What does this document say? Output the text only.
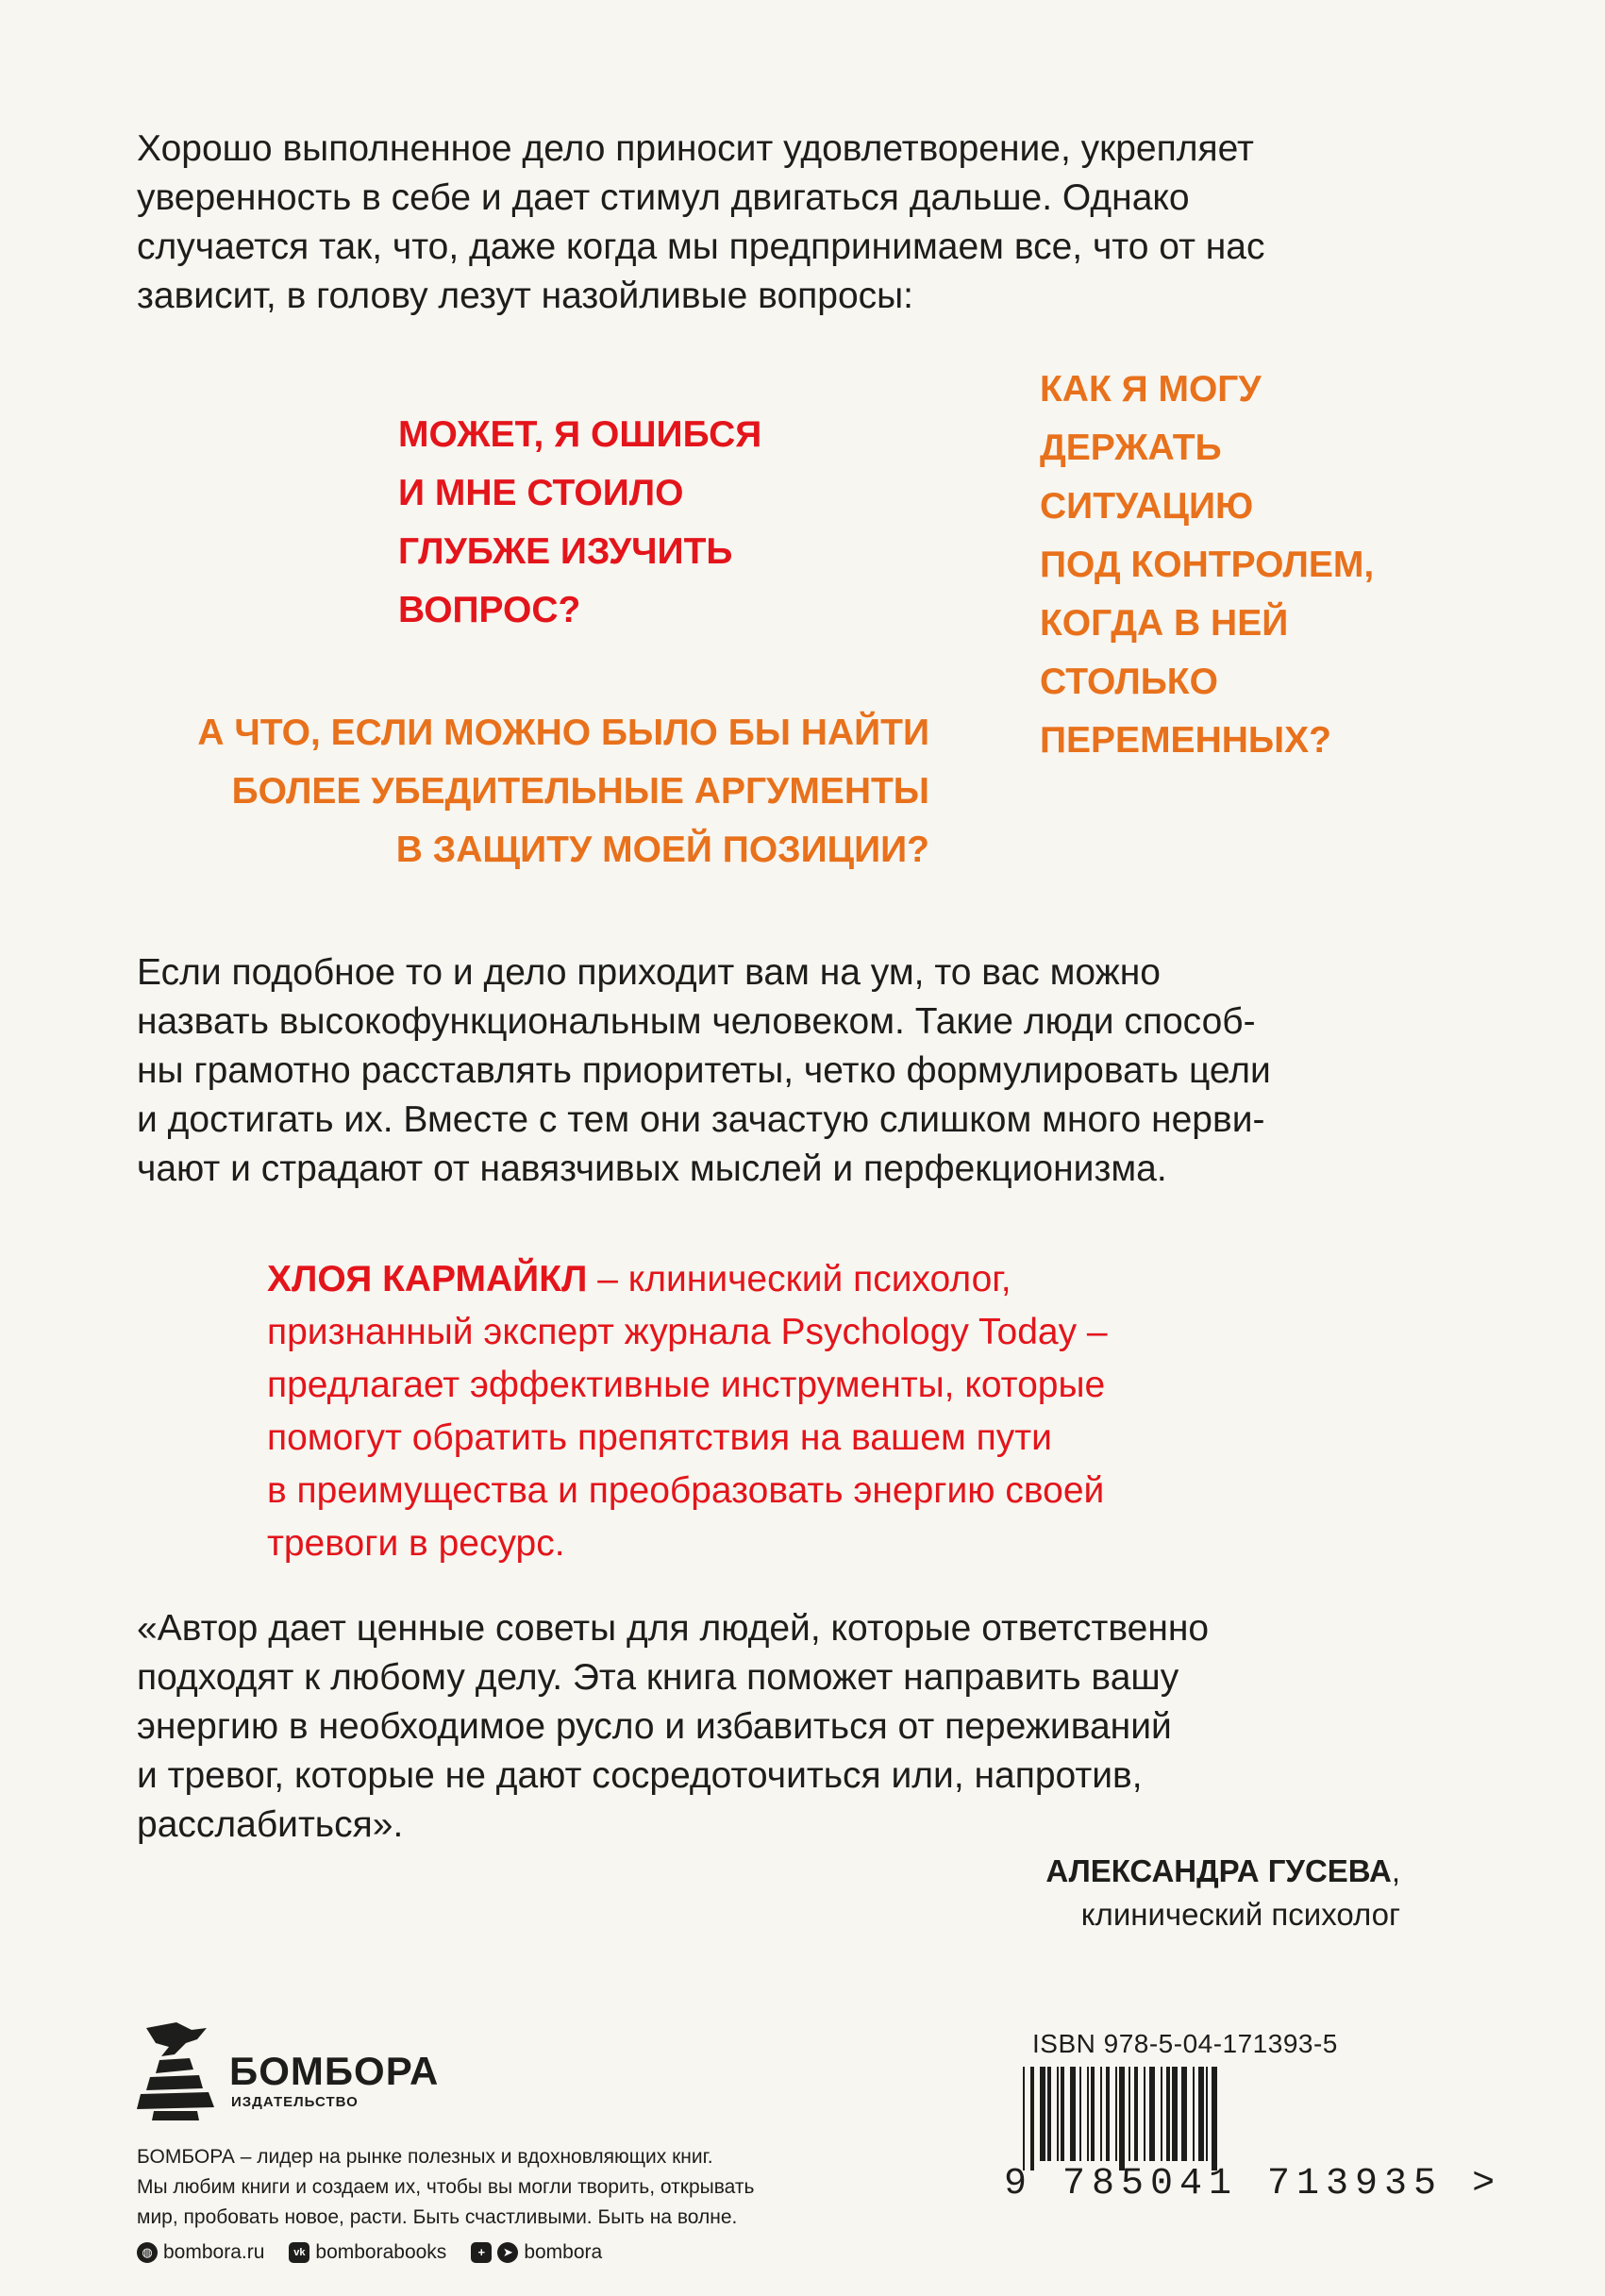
Хорошо выполненное дело приносит удовлетворение, укрепляет
уверенность в себе и дает стимул двигаться дальше. Однако
случается так, что, даже когда мы предпринимаем все, что от нас
зависит, в голову лезут назойливые вопросы:
МОЖЕТ, Я ОШИБСЯ
И МНЕ СТОИЛО
ГЛУБЖЕ ИЗУЧИТЬ
ВОПРОС?
КАК Я МОГУ
ДЕРЖАТЬ
СИТУАЦИЮ
ПОД КОНТРОЛЕМ,
КОГДА В НЕЙ
СТОЛЬКО
ПЕРЕМЕННЫХ?
А ЧТО, ЕСЛИ МОЖНО БЫЛО БЫ НАЙТИ
БОЛЕЕ УБЕДИТЕЛЬНЫЕ АРГУМЕНТЫ
В ЗАЩИТУ МОЕЙ ПОЗИЦИИ?
Если подобное то и дело приходит вам на ум, то вас можно
назвать высокофункциональным человеком. Такие люди способ-
ны грамотно расставлять приоритеты, четко формулировать цели
и достигать их. Вместе с тем они зачастую слишком много нерви-
чают и страдают от навязчивых мыслей и перфекционизма.
ХЛОЯ КАРМАЙКЛ – клинический психолог,
признанный эксперт журнала Psychology Today –
предлагает эффективные инструменты, которые
помогут обратить препятствия на вашем пути
в преимущества и преобразовать энергию своей
тревоги в ресурс.
«Автор дает ценные советы для людей, которые ответственно
подходят к любому делу. Эта книга поможет направить вашу
энергию в необходимое русло и избавиться от переживаний
и тревог, которые не дают сосредоточиться или, напротив,
расслабиться».
АЛЕКСАНДРА ГУСЕВА,
клинический психолог
БОМБОРА
ИЗДАТЕЛЬСТВО
БОМБОРА – лидер на рынке полезных и вдохновляющих книг.
Мы любим книги и создаем их, чтобы вы могли творить, открывать
мир, пробовать новое, расти. Быть счастливыми. Быть на волне.
◍ bombora.ru	vk bomborabooks	+	➤ bombora
ISBN 978-5-04-171393-5
9 785041 713935 >
